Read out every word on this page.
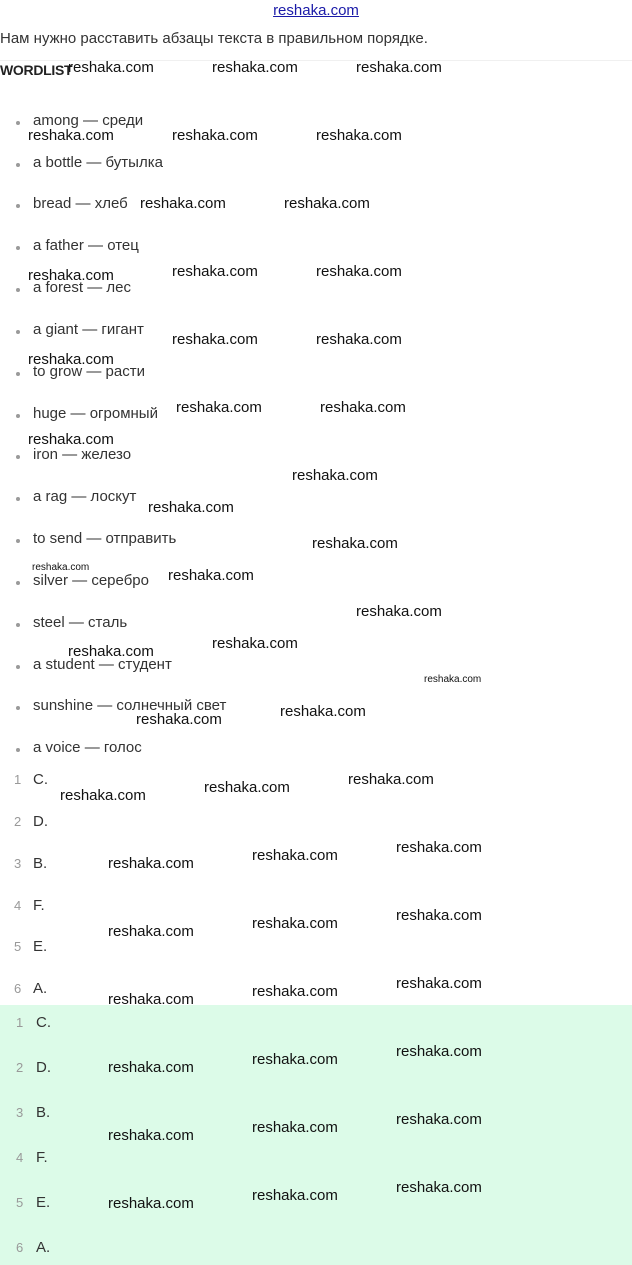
reshaka.com
Нам нужно расставить абзацы текста в правильном порядке.
WORDLIST
among — среди
a bottle — бутылка
bread — хлеб
a father — отец
a forest — лес
a giant — гигант
to grow — расти
huge — огромный
iron — железо
a rag — лоскут
to send — отправить
silver — серебро
steel — сталь
a student — студент
sunshine — солнечный свет
a voice — голос
1 C.
2 D.
3 B.
4 F.
5 E.
6 A.
1 C.
2 D.
3 B.
4 F.
5 E.
6 A.
reshaka.com	reshaka.com	reshaka.com
reshaka.com	reshaka.com	reshaka.com
reshaka.com	reshaka.com
reshaka.com	reshaka.com	reshaka.com
reshaka.com	reshaka.com
reshaka.com
reshaka.com	reshaka.com
reshaka.com
reshaka.com
reshaka.com
reshaka.com
reshaka.com	reshaka.com
reshaka.com
reshaka.com
reshaka.com
reshaka.com
reshaka.com
reshaka.com
reshaka.com
reshaka.com
reshaka.com
reshaka.com
reshaka.com
reshaka.com
reshaka.com
reshaka.com
reshaka.com
reshaka.com
reshaka.com
reshaka.com
reshaka.com
reshaka.com
reshaka.com
reshaka.com
reshaka.com
reshaka.com
reshaka.com
reshaka.com
reshaka.com
